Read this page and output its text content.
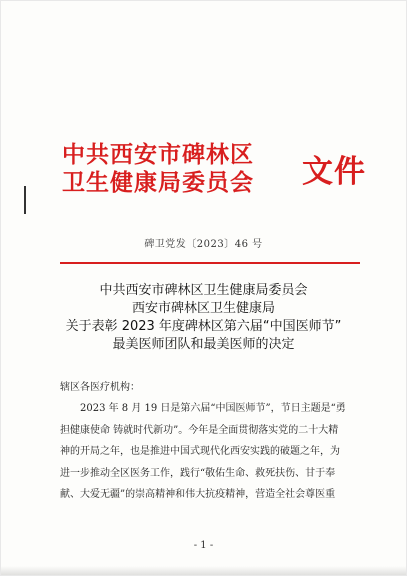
中共西安市碑林区
卫生健康局委员会 文件
碑卫党发〔2023〕46 号
中共西安市碑林区卫生健康局委员会
西安市碑林区卫生健康局
关于表彰 2023 年度碑林区第六届“中国医师节”
最美医师团队和最美医师的决定
辖区各医疗机构：
2023 年 8 月 19 日是第六届“中国医师节”，节日主题是“勇
担健康使命 铸就时代新功”。今年是全面贯彻落实党的二十大精
神的开局之年，也是推进中国式现代化西安实践的破题之年，为
进一步推动全区医务工作，践行“敬佑生命、救死扶伤、甘于奉
献、大爱无疆”的崇高精神和伟大抗疫精神，营造全社会尊医重
- 1 -
